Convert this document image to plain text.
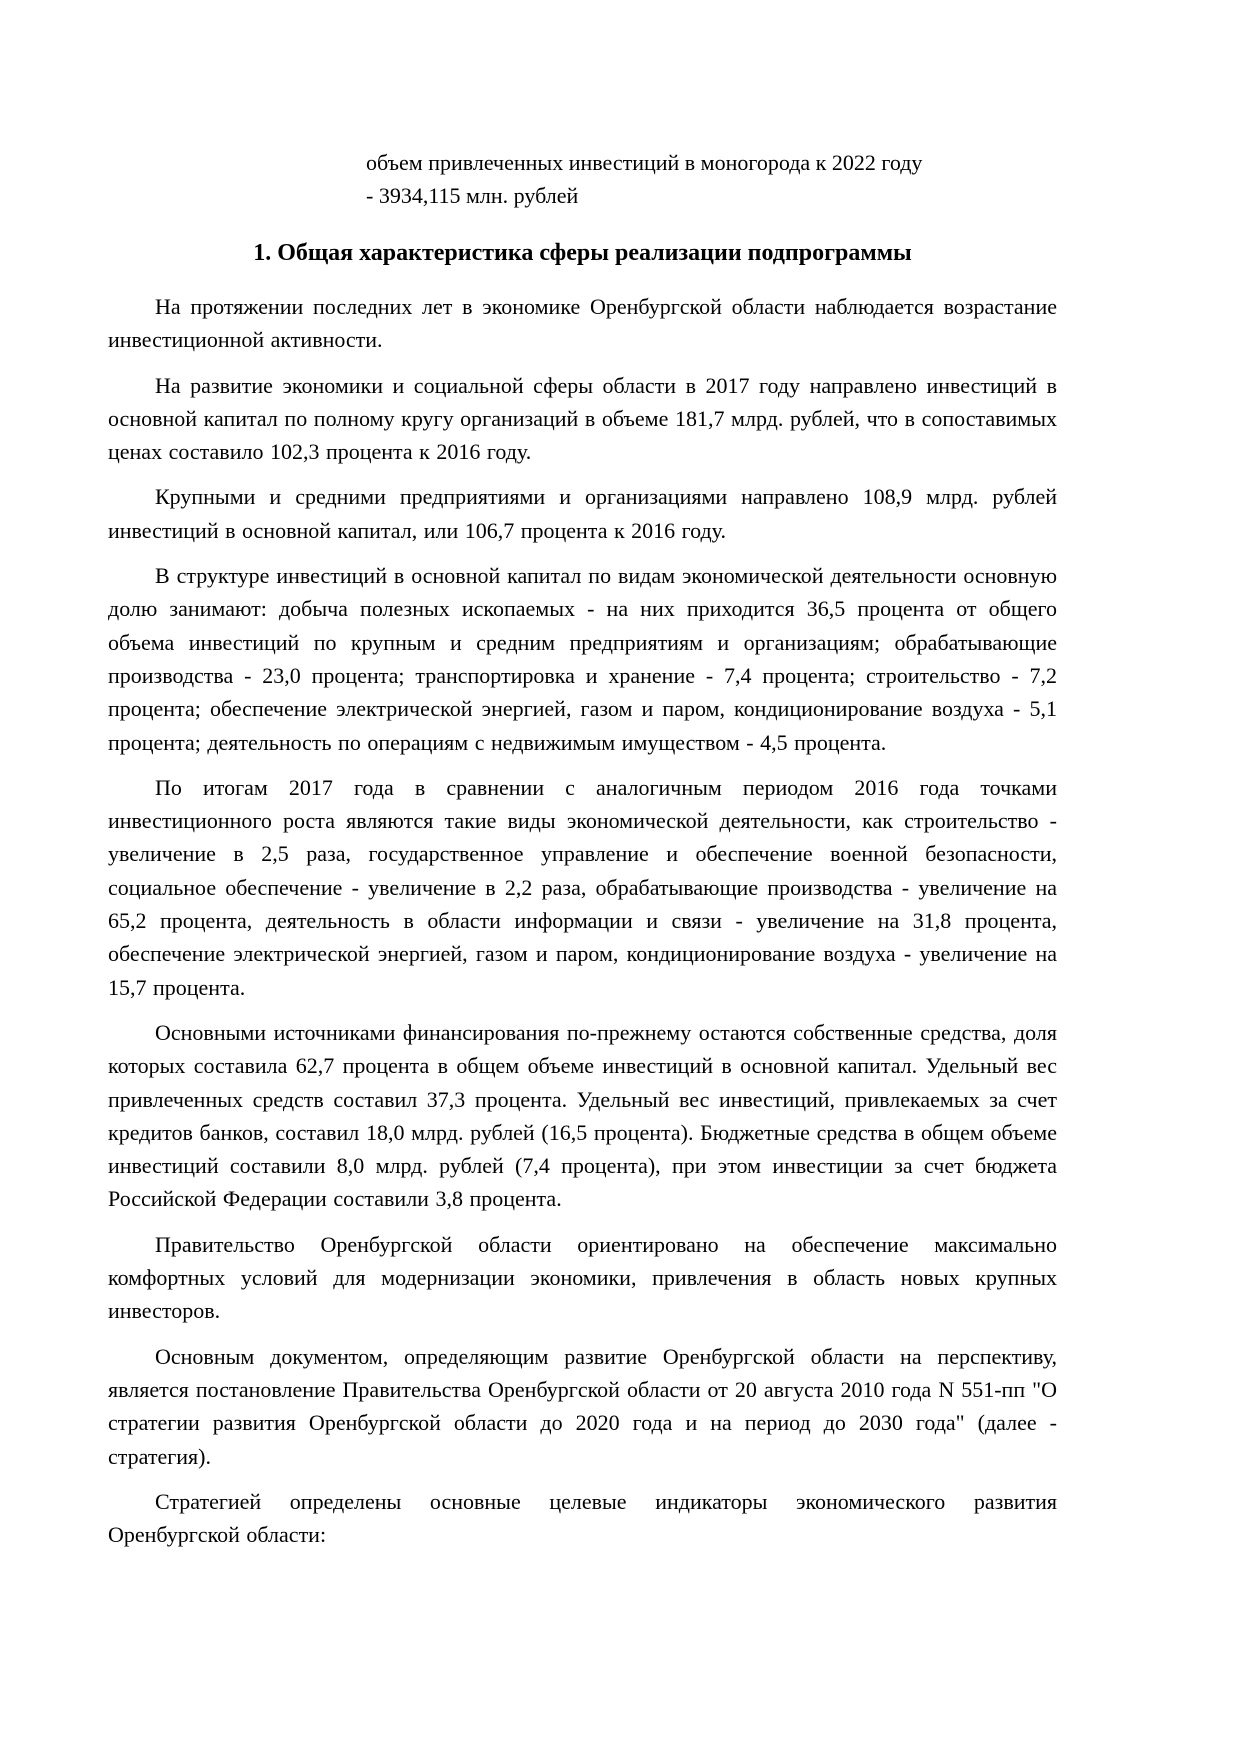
объем привлеченных инвестиций в моногорода к 2022 году
- 3934,115 млн. рублей
1. Общая характеристика сферы реализации подпрограммы

На протяжении последних лет в экономике Оренбургской области наблюдается возрастание инвестиционной активности.

На развитие экономики и социальной сферы области в 2017 году направлено инвестиций в основной капитал по полному кругу организаций в объеме 181,7 млрд. рублей, что в сопоставимых ценах составило 102,3 процента к 2016 году.

Крупными и средними предприятиями и организациями направлено 108,9 млрд. рублей инвестиций в основной капитал, или 106,7 процента к 2016 году.

В структуре инвестиций в основной капитал по видам экономической деятельности основную долю занимают: добыча полезных ископаемых - на них приходится 36,5 процента от общего объема инвестиций по крупным и средним предприятиям и организациям; обрабатывающие производства - 23,0 процента; транспортировка и хранение - 7,4 процента; строительство - 7,2 процента; обеспечение электрической энергией, газом и паром, кондиционирование воздуха - 5,1 процента; деятельность по операциям с недвижимым имуществом - 4,5 процента.

По итогам 2017 года в сравнении с аналогичным периодом 2016 года точками инвестиционного роста являются такие виды экономической деятельности, как строительство - увеличение в 2,5 раза, государственное управление и обеспечение военной безопасности, социальное обеспечение - увеличение в 2,2 раза, обрабатывающие производства - увеличение на 65,2 процента, деятельность в области информации и связи - увеличение на 31,8 процента, обеспечение электрической энергией, газом и паром, кондиционирование воздуха - увеличение на 15,7 процента.

Основными источниками финансирования по-прежнему остаются собственные средства, доля которых составила 62,7 процента в общем объеме инвестиций в основной капитал. Удельный вес привлеченных средств составил 37,3 процента. Удельный вес инвестиций, привлекаемых за счет кредитов банков, составил 18,0 млрд. рублей (16,5 процента). Бюджетные средства в общем объеме инвестиций составили 8,0 млрд. рублей (7,4 процента), при этом инвестиции за счет бюджета Российской Федерации составили 3,8 процента.

Правительство Оренбургской области ориентировано на обеспечение максимально комфортных условий для модернизации экономики, привлечения в область новых крупных инвесторов.

Основным документом, определяющим развитие Оренбургской области на перспективу, является постановление Правительства Оренбургской области от 20 августа 2010 года N 551-пп "О стратегии развития Оренбургской области до 2020 года и на период до 2030 года" (далее - стратегия).

Стратегией определены основные целевые индикаторы экономического развития Оренбургской области:
